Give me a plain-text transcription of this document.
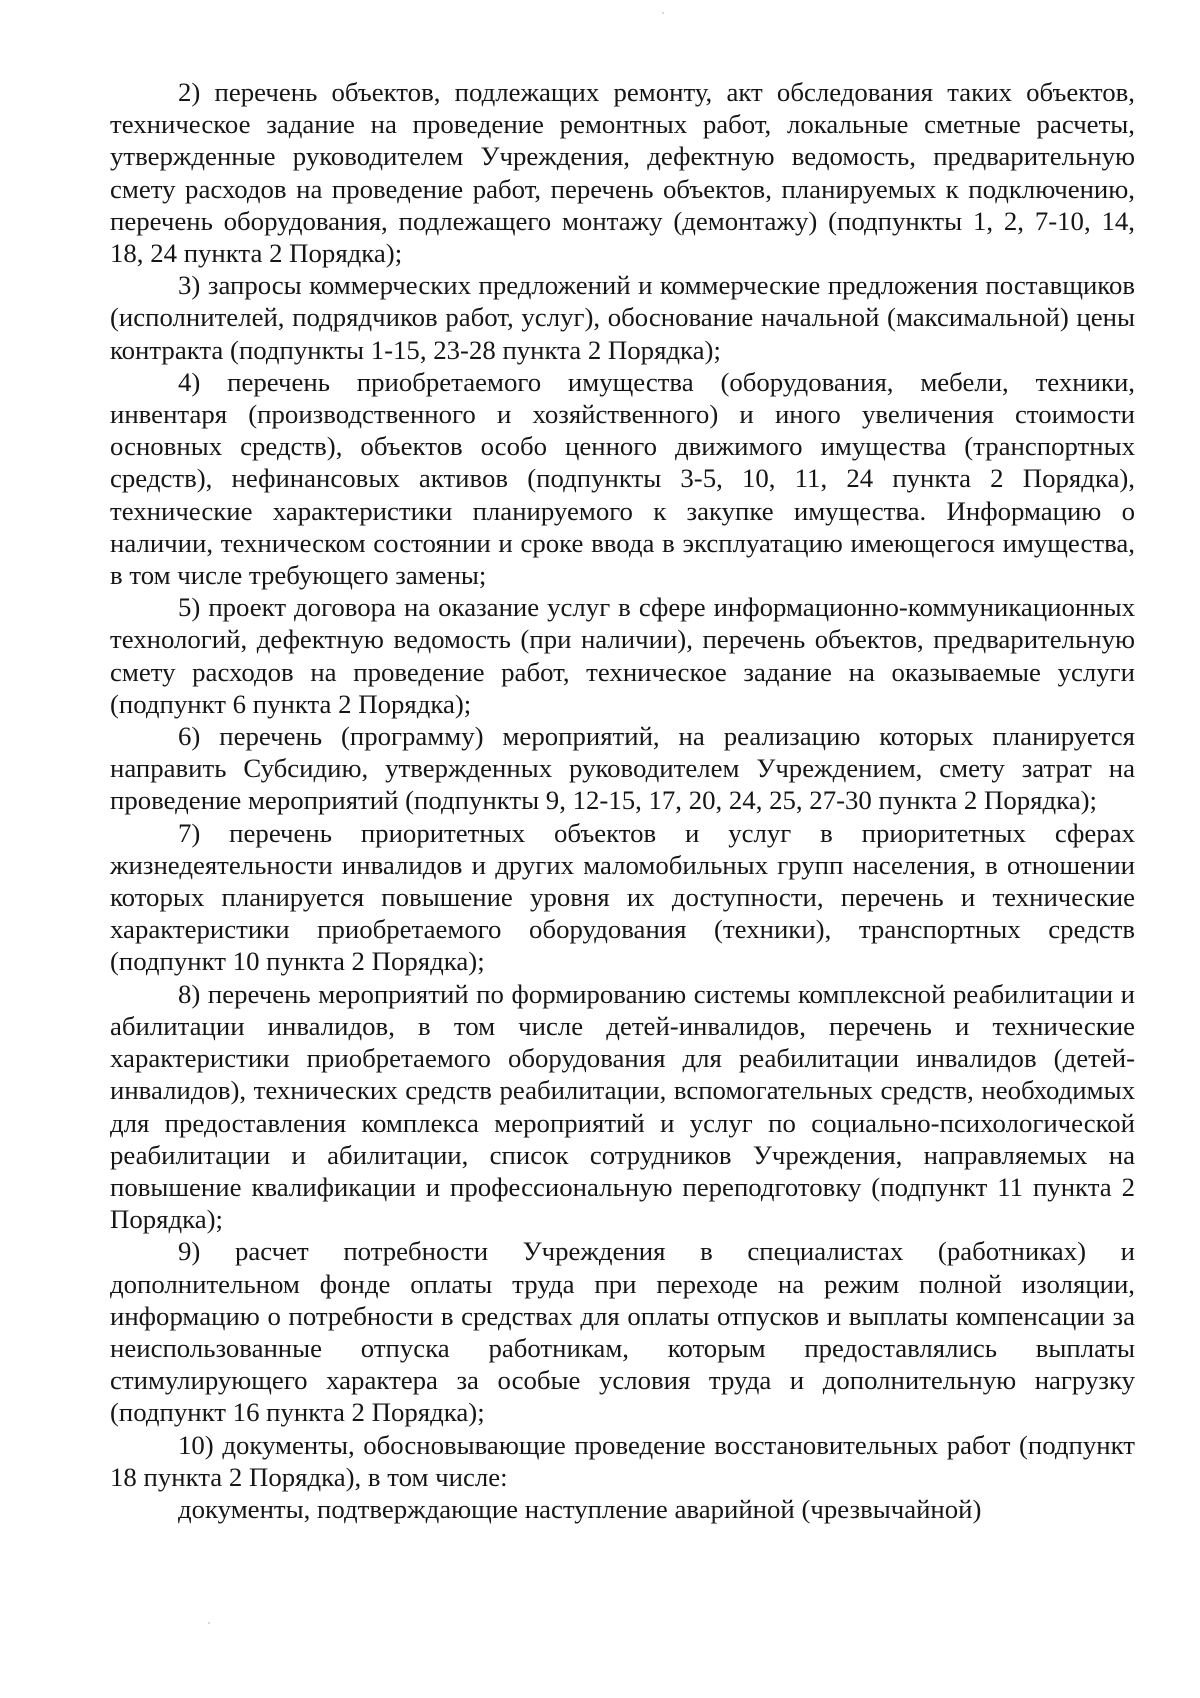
2) перечень объектов, подлежащих ремонту, акт обследования таких объектов, техническое задание на проведение ремонтных работ, локальные сметные расчеты, утвержденные руководителем Учреждения, дефектную ведомость, предварительную смету расходов на проведение работ, перечень объектов, планируемых к подключению, перечень оборудования, подлежащего монтажу (демонтажу) (подпункты 1, 2, 7-10, 14, 18, 24 пункта 2 Порядка);

3) запросы коммерческих предложений и коммерческие предложения поставщиков (исполнителей, подрядчиков работ, услуг), обоснование начальной (максимальной) цены контракта (подпункты 1-15, 23-28 пункта 2 Порядка);

4) перечень приобретаемого имущества (оборудования, мебели, техники, инвентаря (производственного и хозяйственного) и иного увеличения стоимости основных средств), объектов особо ценного движимого имущества (транспортных средств), нефинансовых активов (подпункты 3-5, 10, 11, 24 пункта 2 Порядка), технические характеристики планируемого к закупке имущества. Информацию о наличии, техническом состоянии и сроке ввода в эксплуатацию имеющегося имущества, в том числе требующего замены;

5) проект договора на оказание услуг в сфере информационно-коммуникационных технологий, дефектную ведомость (при наличии), перечень объектов, предварительную смету расходов на проведение работ, техническое задание на оказываемые услуги (подпункт 6 пункта 2 Порядка);

6) перечень (программу) мероприятий, на реализацию которых планируется направить Субсидию, утвержденных руководителем Учреждением, смету затрат на проведение мероприятий (подпункты 9, 12-15, 17, 20, 24, 25, 27-30 пункта 2 Порядка);

7) перечень приоритетных объектов и услуг в приоритетных сферах жизнедеятельности инвалидов и других маломобильных групп населения, в отношении которых планируется повышение уровня их доступности, перечень и технические характеристики приобретаемого оборудования (техники), транспортных средств (подпункт 10 пункта 2 Порядка);

8) перечень мероприятий по формированию системы комплексной реабилитации и абилитации инвалидов, в том числе детей-инвалидов, перечень и технические характеристики приобретаемого оборудования для реабилитации инвалидов (детей-инвалидов), технических средств реабилитации, вспомогательных средств, необходимых для предоставления комплекса мероприятий и услуг по социально-психологической реабилитации и абилитации, список сотрудников Учреждения, направляемых на повышение квалификации и профессиональную переподготовку (подпункт 11 пункта 2 Порядка);

9) расчет потребности Учреждения в специалистах (работниках) и дополнительном фонде оплаты труда при переходе на режим полной изоляции, информацию о потребности в средствах для оплаты отпусков и выплаты компенсации за неиспользованные отпуска работникам, которым предоставлялись выплаты стимулирующего характера за особые условия труда и дополнительную нагрузку (подпункт 16 пункта 2 Порядка);

10) документы, обосновывающие проведение восстановительных работ (подпункт 18 пункта 2 Порядка), в том числе:

документы, подтверждающие наступление аварийной (чрезвычайной)
